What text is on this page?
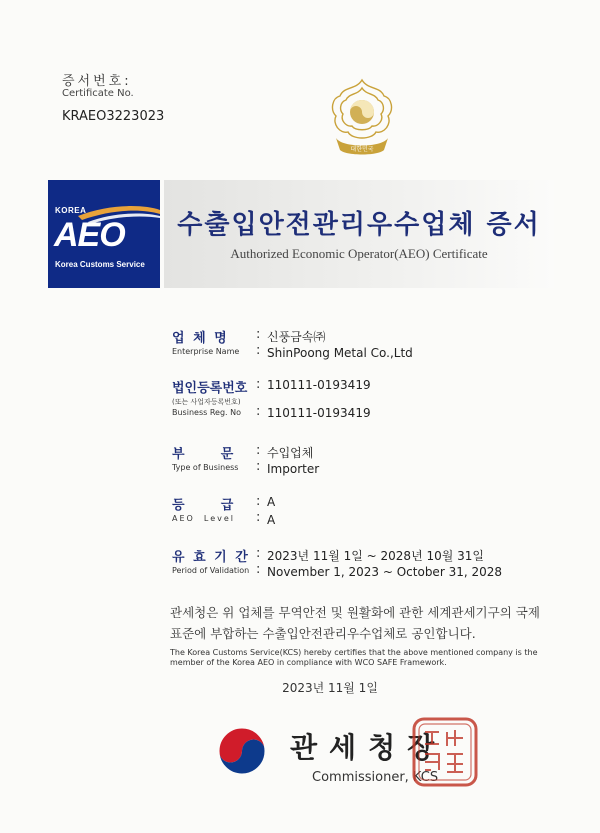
증서번호:
Certificate No.
KRAEO3223023
대한민국
KOREA
AEO
Korea Customs Service
수출입안전관리우수업체 증서
Authorized Economic Operator(AEO) Certificate
업 체 명
Enterprise Name
:
:
신풍금속㈜
ShinPoong Metal Co.,Ltd
법인등록번호
(또는 사업자등록번호)
Business Reg. No
:
:
110111-0193419
110111-0193419
부        문
Type of Business
:
:
수입업체
Importer
등        급
AEO  Level
:
:
A
A
유 효 기 간
Period of Validation
:
:
2023년 11월 1일 ~ 2028년 10월 31일
November 1, 2023 ~ October 31, 2028
관세청은 위 업체를 무역안전 및 원활화에 관한 세계관세기구의 국제표준에 부합하는 수출입안전관리우수업체로 공인합니다.
The Korea Customs Service(KCS) hereby certifies that the above mentioned company is the member of the Korea AEO in compliance with WCO SAFE Framework.
2023년 11월 1일
관세청장
Commissioner, KCS
